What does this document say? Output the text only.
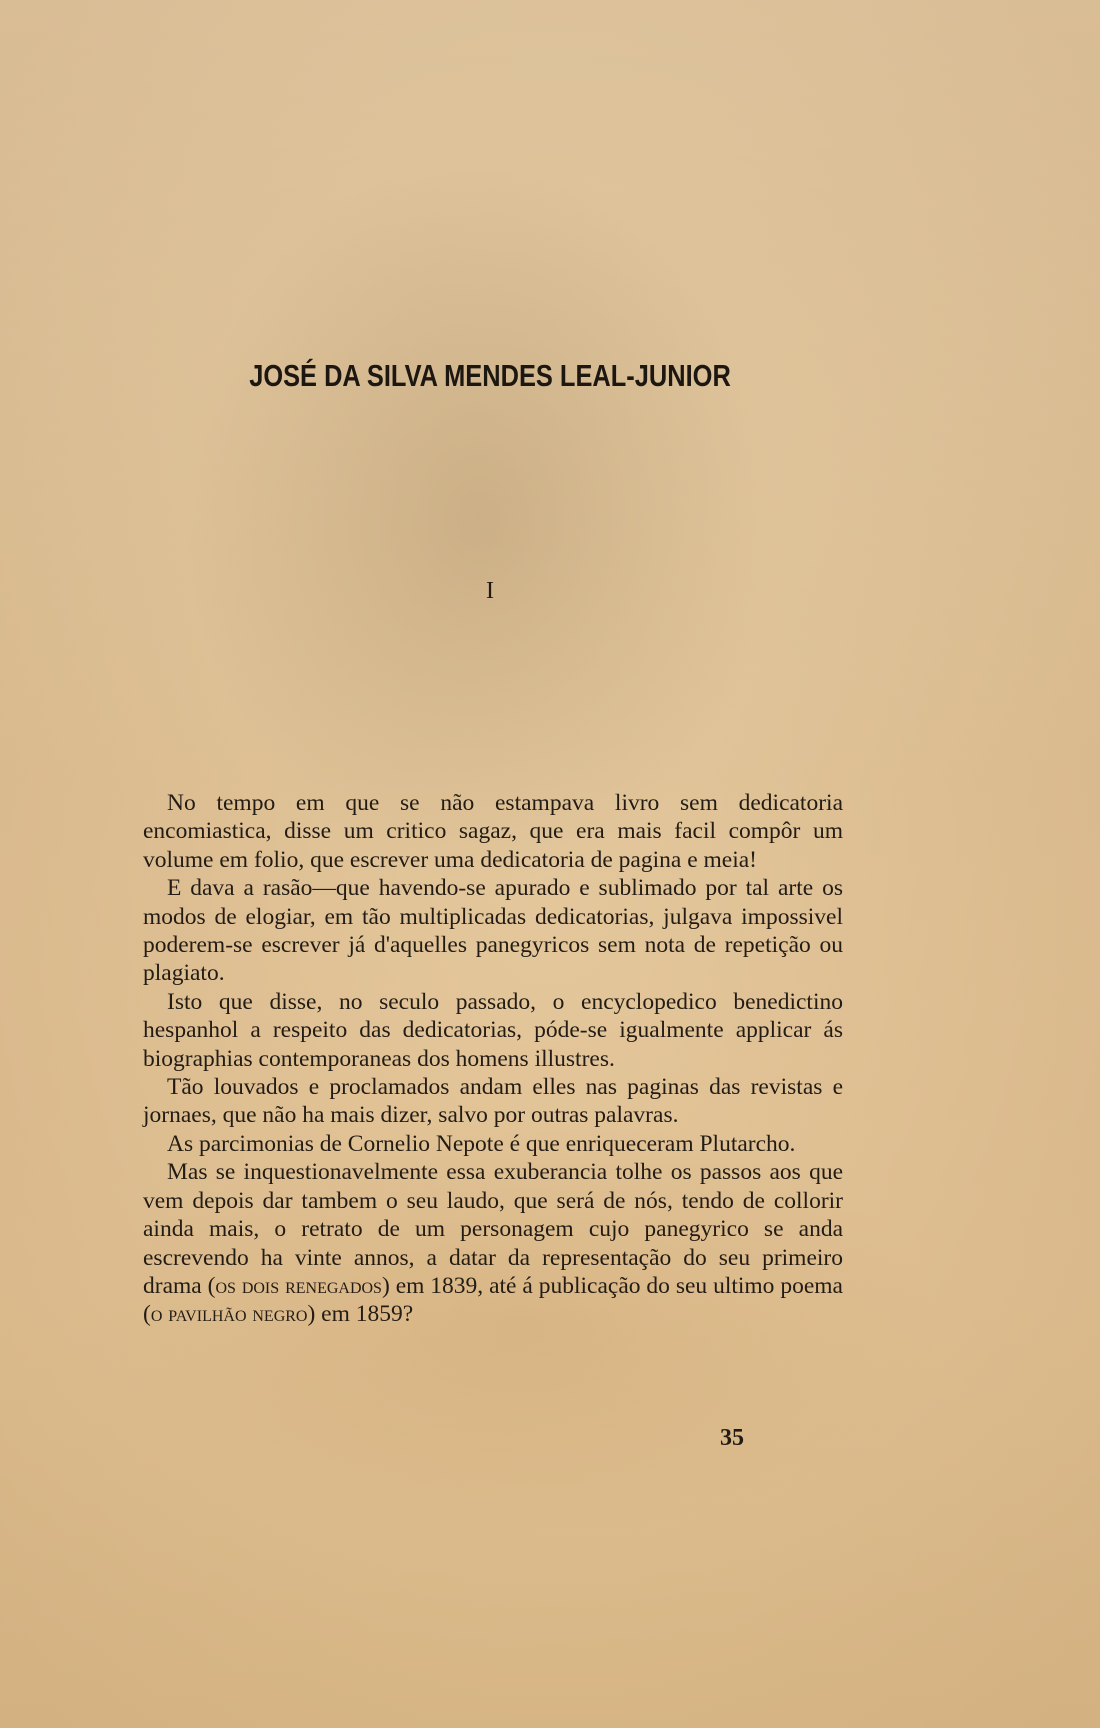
JOSÉ DA SILVA MENDES LEAL-JUNIOR
I

No tempo em que se não estampava livro sem dedicatoria encomiastica, disse um critico sagaz, que era mais facil compôr um volume em folio, que escrever uma dedicatoria de pagina e meia!

E dava a rasão—que havendo-se apurado e sublimado por tal arte os modos de elogiar, em tão multiplicadas dedicatorias, julgava impossivel poderem-se escrever já d'aquelles panegyricos sem nota de repetição ou plagiato.

Isto que disse, no seculo passado, o encyclopedico benedictino hespanhol a respeito das dedicatorias, póde-se igualmente applicar ás biographias contemporaneas dos homens illustres.

Tão louvados e proclamados andam elles nas paginas das revistas e jornaes, que não ha mais dizer, salvo por outras palavras.

As parcimonias de Cornelio Nepote é que enriqueceram Plutarcho.

Mas se inquestionavelmente essa exuberancia tolhe os passos aos que vem depois dar tambem o seu laudo, que será de nós, tendo de collorir ainda mais, o retrato de um personagem cujo panegyrico se anda escrevendo ha vinte annos, a datar da representação do seu primeiro drama (os dois renegados) em 1839, até á publicação do seu ultimo poema (o pavilhão negro) em 1859?

35
